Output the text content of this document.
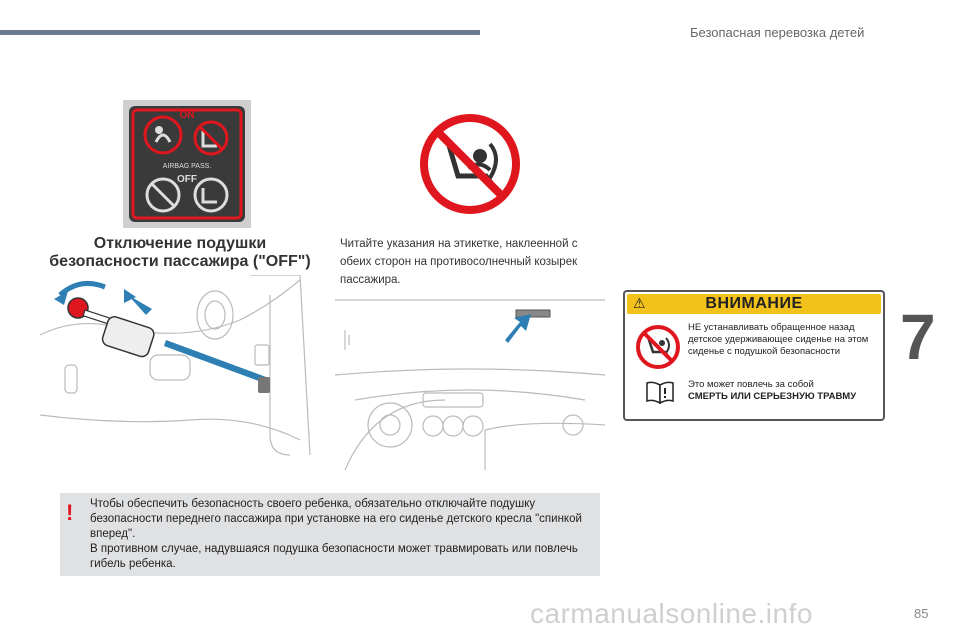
Безопасная перевозка детей
7
ON
AIRBAG PASS.
OFF
Отключение подушки
безопасности пассажира ("OFF")
Читайте указания на этикетке, наклеенной с обеих сторон на противосолнечный козырек пассажира.
⚠	ВНИМАНИЕ
НЕ устанавливать обращенное назад детское удерживающее сиденье на этом сиденье с подушкой безопасности
Это может повлечь за собой
СМЕРТЬ ИЛИ СЕРЬЕЗНУЮ ТРАВМУ
! Чтобы обеспечить безопасность своего ребенка, обязательно отключайте подушку безопасности переднего пассажира при установке на его сиденье детского кресла "спинкой вперед".
В противном случае, надувшаяся подушка безопасности может травмировать или повлечь гибель ребенка.
carmanualsonline.info	85
